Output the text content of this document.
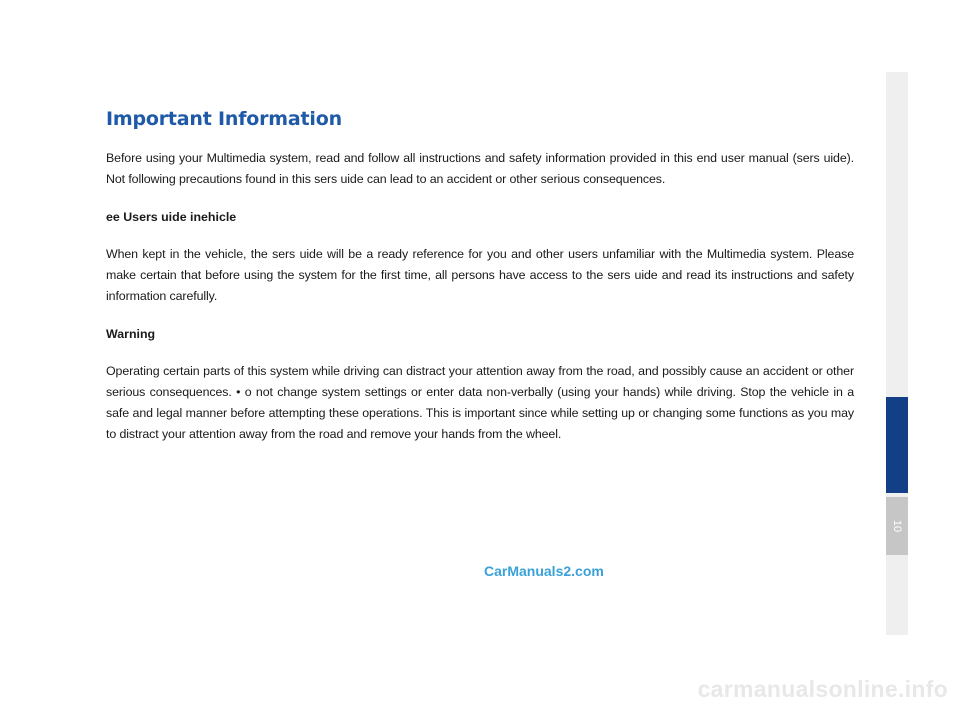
Important Information

Before using your Multimedia system, read and follow all instructions and safety information provided in this end user manual (sers uide). Not following precautions found in this sers uide can lead to an accident or other serious consequences.

ee Users uide inehicle

When kept in the vehicle, the sers uide will be a ready reference for you and other users unfamiliar with the Multimedia system. Please make certain that before using the system for the first time, all persons have access to the sers uide and read its instructions and safety information carefully.

Warning

Operating certain parts of this system while driving can distract your attention away from the road, and possibly cause an accident or other serious consequences. • o not change system settings or enter data non-verbally (using your hands) while driving. Stop the vehicle in a safe and legal manner before attempting these operations. This is important since while setting up or changing some functions as you may to distract your attention away from the road and remove your hands from the wheel.

10
CarManuals2.com
carmanualsonline.info
